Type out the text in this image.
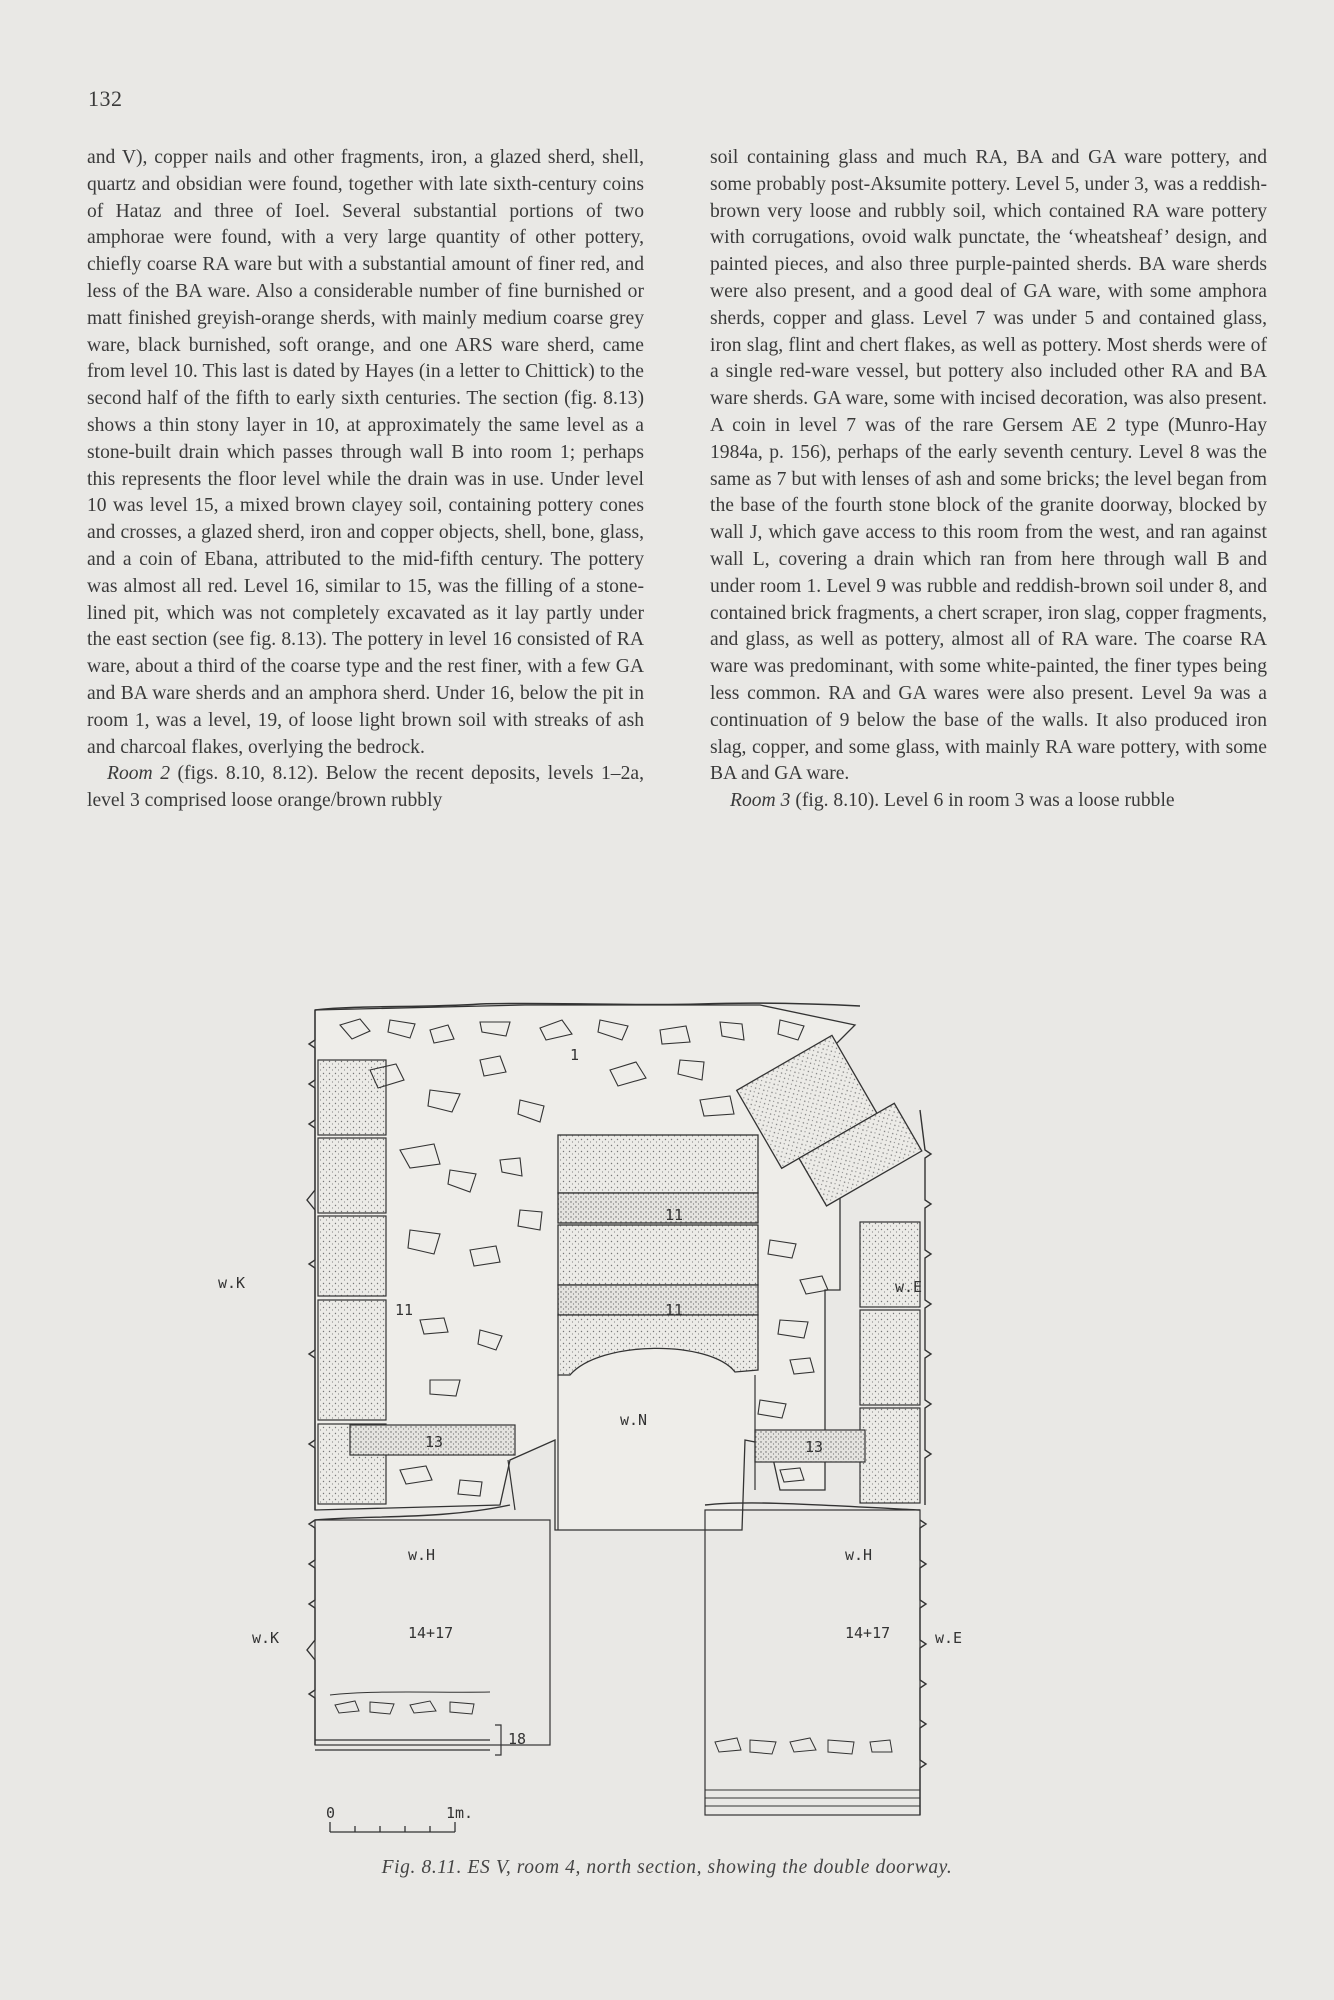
132

and V), copper nails and other fragments, iron, a glazed sherd, shell, quartz and obsidian were found, together with late sixth-century coins of Hataz and three of Ioel. Several substantial portions of two amphorae were found, with a very large quantity of other pottery, chiefly coarse RA ware but with a substantial amount of finer red, and less of the BA ware. Also a considerable number of fine burnished or matt finished greyish-orange sherds, with mainly medium coarse grey ware, black burnished, soft orange, and one ARS ware sherd, came from level 10. This last is dated by Hayes (in a letter to Chittick) to the second half of the fifth to early sixth centuries. The section (fig. 8.13) shows a thin stony layer in 10, at approximately the same level as a stone-built drain which passes through wall B into room 1; perhaps this represents the floor level while the drain was in use. Under level 10 was level 15, a mixed brown clayey soil, containing pottery cones and crosses, a glazed sherd, iron and copper objects, shell, bone, glass, and a coin of Ebana, attributed to the mid-fifth century. The pottery was almost all red. Level 16, similar to 15, was the filling of a stone-lined pit, which was not completely excavated as it lay partly under the east section (see fig. 8.13). The pottery in level 16 consisted of RA ware, about a third of the coarse type and the rest finer, with a few GA and BA ware sherds and an amphora sherd. Under 16, below the pit in room 1, was a level, 19, of loose light brown soil with streaks of ash and charcoal flakes, overlying the bedrock.

Room 2 (figs. 8.10, 8.12). Below the recent deposits, levels 1–2a, level 3 comprised loose orange/brown rubbly

soil containing glass and much RA, BA and GA ware pottery, and some probably post-Aksumite pottery. Level 5, under 3, was a reddish-brown very loose and rubbly soil, which contained RA ware pottery with corrugations, ovoid walk punctate, the ‘wheatsheaf’ design, and painted pieces, and also three purple-painted sherds. BA ware sherds were also present, and a good deal of GA ware, with some amphora sherds, copper and glass. Level 7 was under 5 and contained glass, iron slag, flint and chert flakes, as well as pottery. Most sherds were of a single red-ware vessel, but pottery also included other RA and BA ware sherds. GA ware, some with incised decoration, was also present. A coin in level 7 was of the rare Gersem AE 2 type (Munro-Hay 1984a, p. 156), perhaps of the early seventh century. Level 8 was the same as 7 but with lenses of ash and some bricks; the level began from the base of the fourth stone block of the granite doorway, blocked by wall J, which gave access to this room from the west, and ran against wall L, covering a drain which ran from here through wall B and under room 1. Level 9 was rubble and reddish-brown soil under 8, and contained brick fragments, a chert scraper, iron slag, copper fragments, and glass, as well as pottery, almost all of RA ware. The coarse RA ware was predominant, with some white-painted, the finer types being less common. RA and GA wares were also present. Level 9a was a continuation of 9 below the base of the walls. It also produced iron slag, copper, and some glass, with mainly RA ware pottery, with some BA and GA ware.

Room 3 (fig. 8.10). Level 6 in room 3 was a loose rubble

1
11
11	11
13	13
w.K	w.E
w.N
w.H	w.H
w.K	w.E
14+17	14+17
18
0	1m.
Fig. 8.11. ES V, room 4, north section, showing the double doorway.
